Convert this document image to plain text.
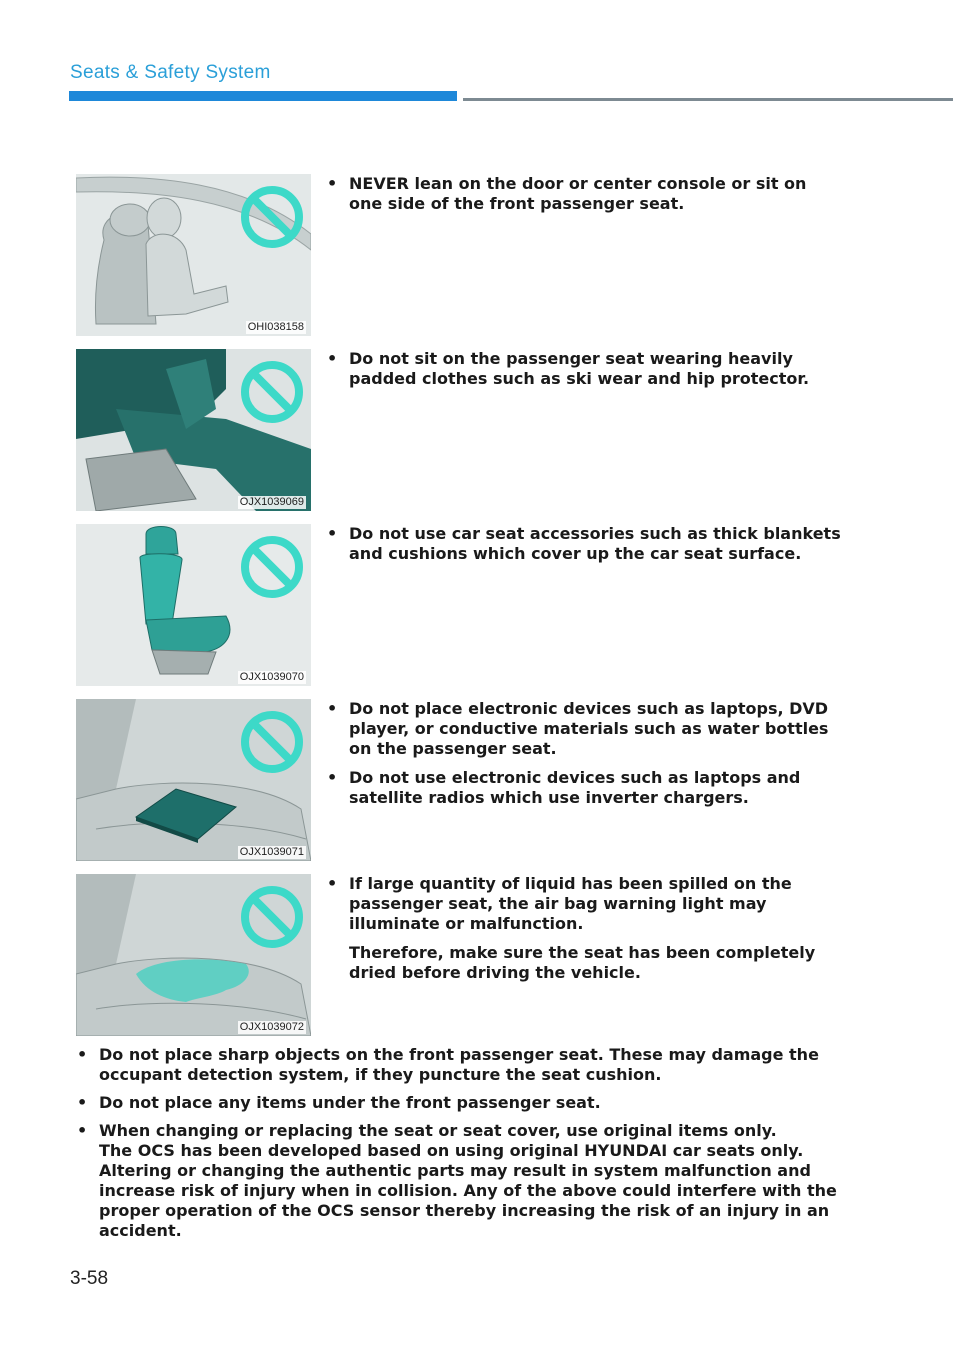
Seats & Safety System
OHI038158
• NEVER lean on the door or center console or sit on one side of the front passenger seat.
OJX1039069
• Do not sit on the passenger seat wearing heavily padded clothes such as ski wear and hip protector.
OJX1039070
• Do not use car seat accessories such as thick blankets and cushions which cover up the car seat surface.
OJX1039071
• Do not place electronic devices such as laptops, DVD player, or conductive materials such as water bottles on the passenger seat.
• Do not use electronic devices such as laptops and satellite radios which use inverter chargers.
OJX1039072
• If large quantity of liquid has been spilled on the passenger seat, the air bag warning light may illuminate or malfunction.
Therefore, make sure the seat has been completely dried before driving the vehicle.
• Do not place sharp objects on the front passenger seat. These may damage the occupant detection system, if they puncture the seat cushion.
• Do not place any items under the front passenger seat.
• When changing or replacing the seat or seat cover, use original items only.
The OCS has been developed based on using original HYUNDAI car seats only. Altering or changing the authentic parts may result in system malfunction and increase risk of injury when in collision. Any of the above could interfere with the proper operation of the OCS sensor thereby increasing the risk of an injury in an accident.
3-58
